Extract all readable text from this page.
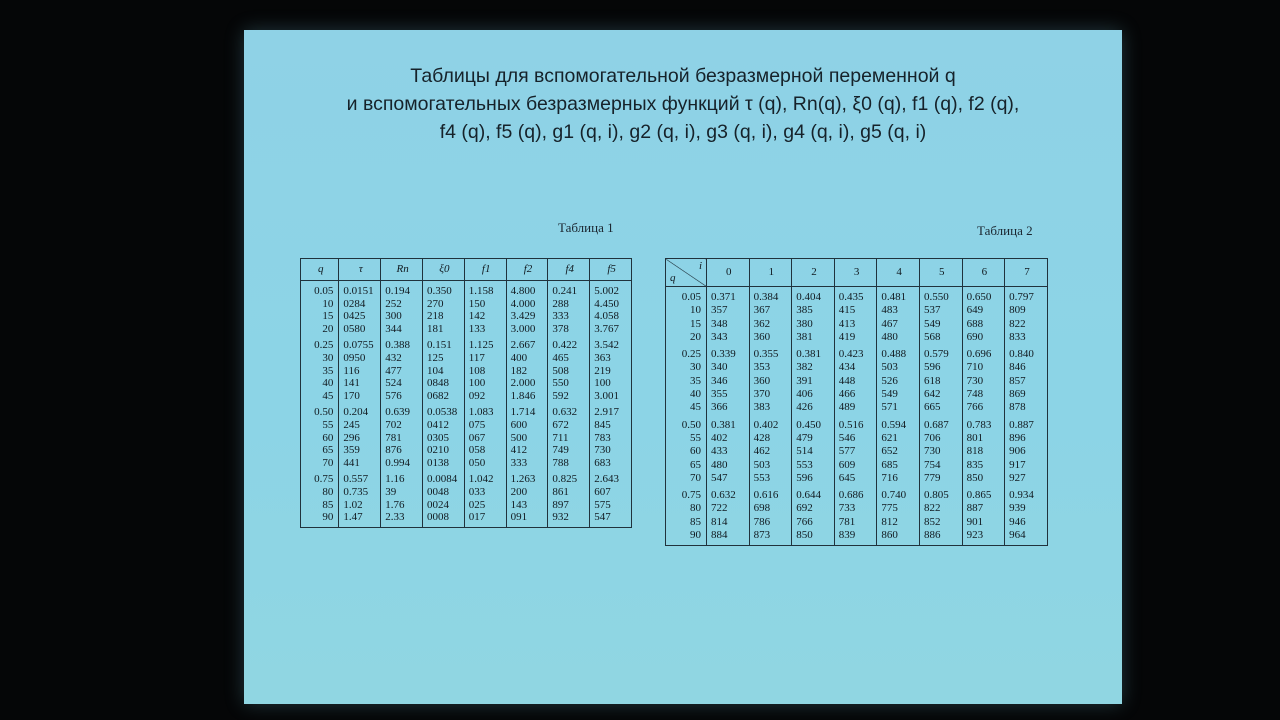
Таблицы для вспомогательной безразмерной переменной q
и вспомогательных безразмерных функций τ (q), Rn(q), ξ0 (q), f1 (q), f2 (q),
f4 (q), f5 (q), g1 (q, i), g2 (q, i), g3 (q, i), g4 (q, i), g5 (q, i)
Таблица 1	Таблица 2
q	τ	Rn	ξ0	f1	f2	f4	f5
0.05	0.0151	0.194	0.350	1.158	4.800	0.241	5.002
10	0284	252	270	150	4.000	288	4.450
15	0425	300	218	142	3.429	333	4.058
20	0580	344	181	133	3.000	378	3.767
0.25	0.0755	0.388	0.151	1.125	2.667	0.422	3.542
30	0950	432	125	117	400	465	363
35	116	477	104	108	182	508	219
40	141	524	0848	100	2.000	550	100
45	170	576	0682	092	1.846	592	3.001
0.50	0.204	0.639	0.0538	1.083	1.714	0.632	2.917
55	245	702	0412	075	600	672	845
60	296	781	0305	067	500	711	783
65	359	876	0210	058	412	749	730
70	441	0.994	0138	050	333	788	683
0.75	0.557	1.16	0.0084	1.042	1.263	0.825	2.643
80	0.735	39	0048	033	200	861	607
85	1.02	1.76	0024	025	143	897	575
90	1.47	2.33	0008	017	091	932	547
q
i	0	1	2	3	4	5	6	7
0.05	0.371	0.384	0.404	0.435	0.481	0.550	0.650	0.797
10	357	367	385	415	483	537	649	809
15	348	362	380	413	467	549	688	822
20	343	360	381	419	480	568	690	833
0.25	0.339	0.355	0.381	0.423	0.488	0.579	0.696	0.840
30	340	353	382	434	503	596	710	846
35	346	360	391	448	526	618	730	857
40	355	370	406	466	549	642	748	869
45	366	383	426	489	571	665	766	878
0.50	0.381	0.402	0.450	0.516	0.594	0.687	0.783	0.887
55	402	428	479	546	621	706	801	896
60	433	462	514	577	652	730	818	906
65	480	503	553	609	685	754	835	917
70	547	553	596	645	716	779	850	927
0.75	0.632	0.616	0.644	0.686	0.740	0.805	0.865	0.934
80	722	698	692	733	775	822	887	939
85	814	786	766	781	812	852	901	946
90	884	873	850	839	860	886	923	964
